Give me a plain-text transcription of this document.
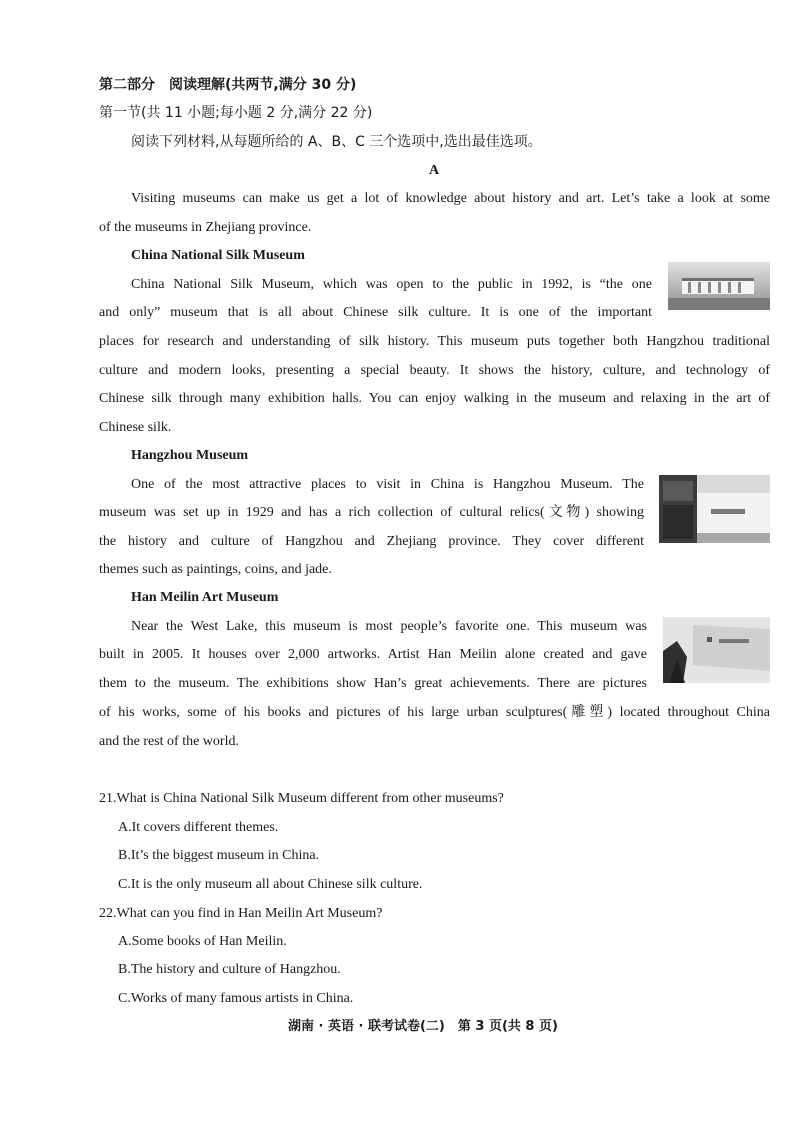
第二部分　阅读理解(共两节,满分 30 分)
第一节(共 11 小题;每小题 2 分,满分 22 分)
阅读下列材料,从每题所给的 A、B、C 三个选项中,选出最佳选项。
A
Visiting museums can make us get a lot of knowledge about history and art. Let’s take a look at some
of the museums in Zhejiang province.
China National Silk Museum
China National Silk Museum, which was open to the public in 1992, is “the one
and only” museum that is all about Chinese silk culture. It is one of the important
places for research and understanding of silk history. This museum puts together both Hangzhou traditional
culture and modern looks, presenting a special beauty. It shows the history, culture, and technology of
Chinese silk through many exhibition halls. You can enjoy walking in the museum and relaxing in the art of
Chinese silk.
Hangzhou Museum
One of the most attractive places to visit in China is Hangzhou Museum. The
museum was set up in 1929 and has a rich collection of cultural relics(文物) showing
the history and culture of Hangzhou and Zhejiang province. They cover different
themes such as paintings, coins, and jade.
Han Meilin Art Museum
Near the West Lake, this museum is most people’s favorite one. This museum was
built in 2005. It houses over 2,000 artworks. Artist Han Meilin alone created and gave
them to the museum. The exhibitions show Han’s great achievements. There are pictures
of his works, some of his books and pictures of his large urban sculptures(雕塑) located throughout China
and the rest of the world.
21.What is China National Silk Museum different from other museums?
A.It covers different themes.
B.It’s the biggest museum in China.
C.It is the only museum all about Chinese silk culture.
22.What can you find in Han Meilin Art Museum?
A.Some books of Han Meilin.
B.The history and culture of Hangzhou.
C.Works of many famous artists in China.
湖南 · 英语 · 联考试卷(二)　第 3 页(共 8 页)
